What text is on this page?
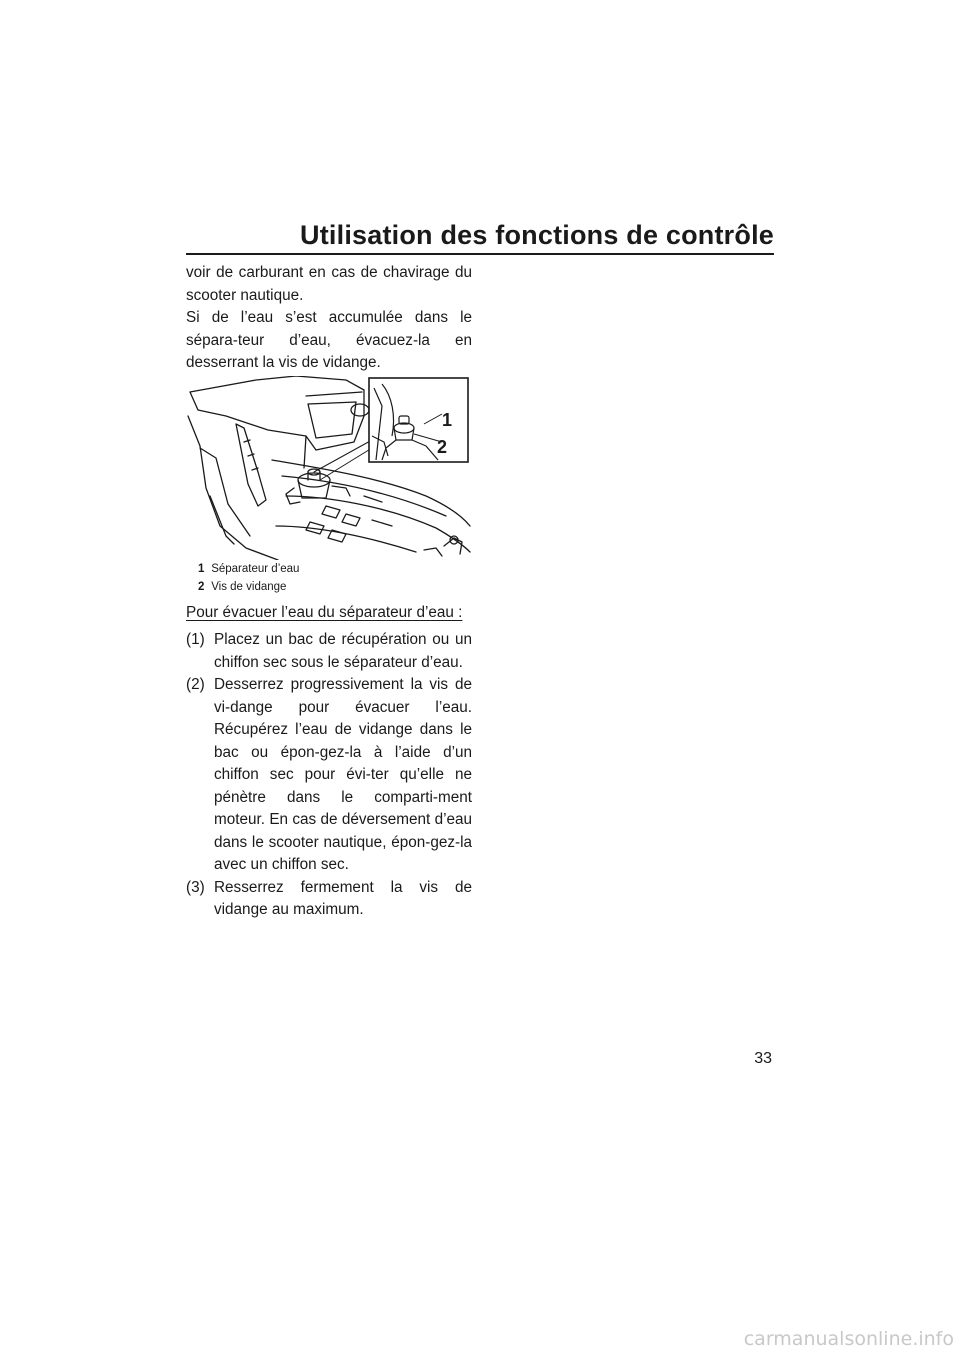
Utilisation des fonctions de contrôle

voir de carburant en cas de chavirage du scooter nautique.

Si de l’eau s’est accumulée dans le sépara-teur d’eau, évacuez-la en desserrant la vis de vidange.

1
2
1 Séparateur d’eau
2 Vis de vidange
Pour évacuer l’eau du séparateur d’eau :
(1) Placez un bac de récupération ou un chiffon sec sous le séparateur d’eau.
(2) Desserrez progressivement la vis de vi-dange pour évacuer l’eau. Récupérez l’eau de vidange dans le bac ou épon-gez-la à l’aide d’un chiffon sec pour évi-ter qu’elle ne pénètre dans le comparti-ment moteur. En cas de déversement d’eau dans le scooter nautique, épon-gez-la avec un chiffon sec.
(3) Resserrez fermement la vis de vidange au maximum.
33
carmanualsonline.info
